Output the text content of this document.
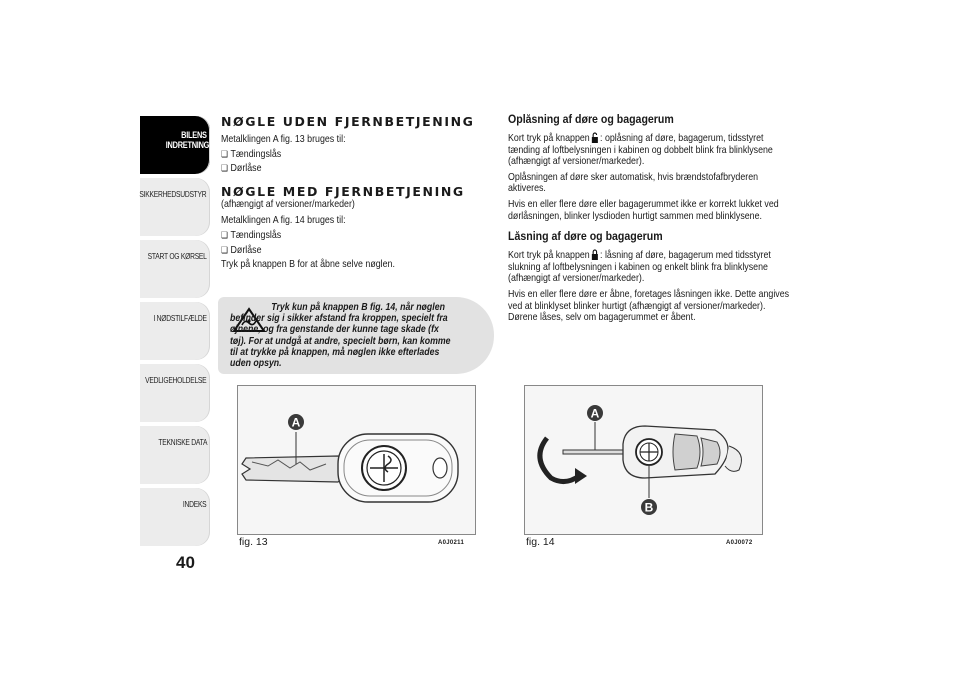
BILENS INDRETNING
SIKKERHEDSUDSTYR
START OG KØRSEL
I NØDSTILFÆLDE
VEDLIGEHOLDELSE
TEKNISKE DATA
INDEKS
40
NØGLE UDEN FJERNBETJENING

Metalklingen A fig. 13 bruges til:

❏ Tændingslås

❏ Dørlåse

NØGLE MED FJERNBETJENING

(afhængigt af versioner/markeder)

Metalklingen A fig. 14 bruges til:

❏ Tændingslås

❏ Dørlåse

Tryk på knappen B for at åbne selve nøglen.

Tryk kun på knappen B fig. 14, når nøglen befinder sig i sikker afstand fra kroppen, specielt fra øjnene, og fra genstande der kunne tage skade (fx tøj). For at undgå at andre, specielt børn, kan komme til at trykke på knappen, må nøglen ikke efterlades uden opsyn.

Oplåsning af døre og bagagerum

Kort tryk på knappen : oplåsning af døre, bagagerum, tidsstyret

tænding af loftbelysningen i kabinen og dobbelt blink fra blinklysene

(afhængigt af versioner/markeder).

Oplåsningen af døre sker automatisk, hvis brændstofafbryderen

aktiveres.

Hvis en eller flere døre eller bagagerummet ikke er korrekt lukket ved

dørlåsningen, blinker lysdioden hurtigt sammen med blinklysene.

Låsning af døre og bagagerum

Kort tryk på knappen : låsning af døre, bagagerum med tidsstyret

slukning af loftbelysningen i kabinen og enkelt blink fra blinklysene

(afhængigt af versioner/markeder).

Hvis en eller flere døre er åbne, foretages låsningen ikke. Dette angives

ved at blinklyset blinker hurtigt (afhængigt af versioner/markeder).

Dørene låses, selv om bagagerummet er åbent.

A
fig. 13	A0J0211
A
B
fig. 14	A0J0072
